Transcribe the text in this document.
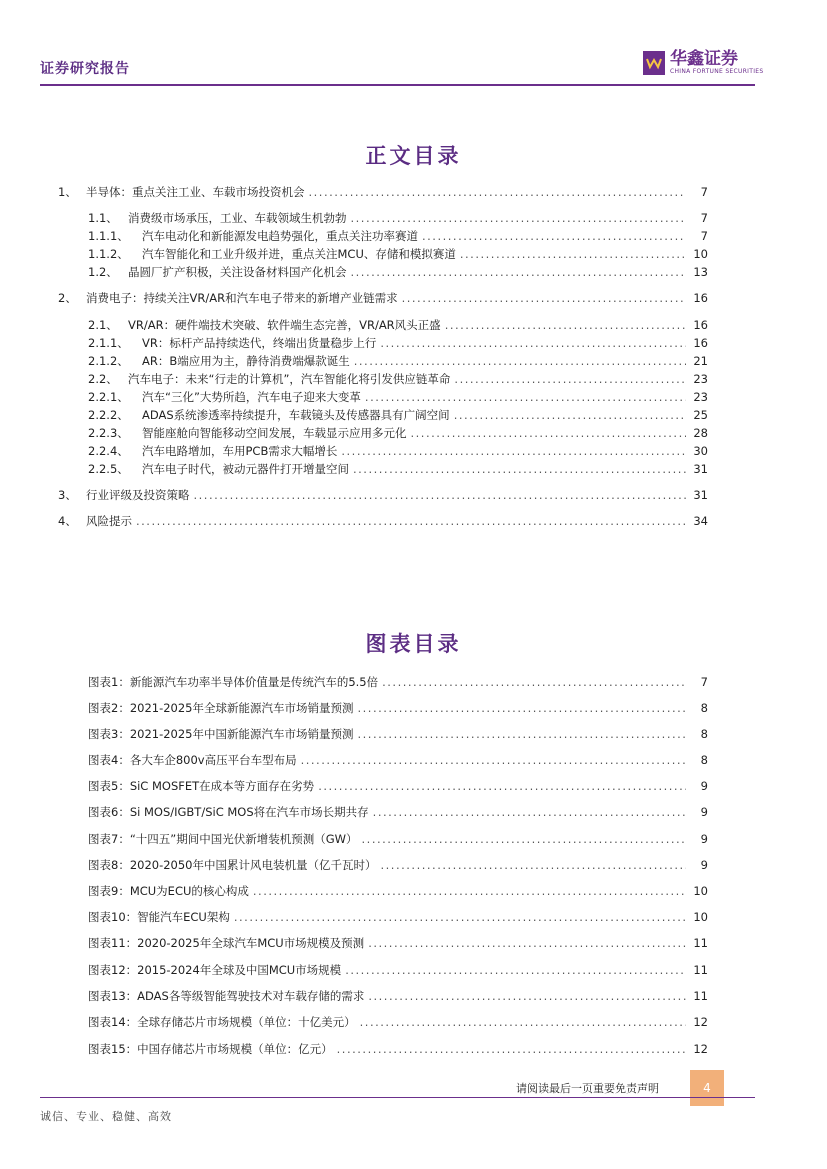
证券研究报告	华鑫证券
CHINA FORTUNE SECURITIES
正文目录
1、 半导体：重点关注工业、车载市场投资机会 .....	7
1.1、 消费级市场承压，工业、车载领域生机勃勃 .....	7
1.1.1、	汽车电动化和新能源发电趋势强化，重点关注功率赛道 .....	7
1.1.2、	汽车智能化和工业升级并进，重点关注MCU、存储和模拟赛道 .....	10
1.2、 晶圆厂扩产积极，关注设备材料国产化机会 .....	13
2、 消费电子：持续关注VR/AR和汽车电子带来的新增产业链需求 .....	16
2.1、 VR/AR：硬件端技术突破、软件端生态完善，VR/AR风头正盛 .....	16
2.1.1、	VR：标杆产品持续迭代，终端出货量稳步上行 .....	16
2.1.2、	AR：B端应用为主，静待消费端爆款诞生 .....	21
2.2、 汽车电子：未来“行走的计算机”，汽车智能化将引发供应链革命 .....	23
2.2.1、	汽车“三化”大势所趋，汽车电子迎来大变革 .....	23
2.2.2、	ADAS系统渗透率持续提升，车载镜头及传感器具有广阔空间 .....	25
2.2.3、	智能座舱向智能移动空间发展，车载显示应用多元化 .....	28
2.2.4、	汽车电路增加，车用PCB需求大幅增长 .....	30
2.2.5、	汽车电子时代，被动元器件打开增量空间 .....	31
3、 行业评级及投资策略 .....	31
4、 风险提示 .....	34
图表目录
图表1：新能源汽车功率半导体价值量是传统汽车的5.5倍 .....	7
图表2：2021-2025年全球新能源汽车市场销量预测 .....	8
图表3：2021-2025年中国新能源汽车市场销量预测 .....	8
图表4：各大车企800v高压平台车型布局 .....	8
图表5：SiC MOSFET在成本等方面存在劣势 .....	9
图表6：Si MOS/IGBT/SiC MOS将在汽车市场长期共存 .....	9
图表7：“十四五”期间中国光伏新增装机预测（GW） .....	9
图表8：2020-2050年中国累计风电装机量（亿千瓦时） .....	9
图表9：MCU为ECU的核心构成 .....	10
图表10：智能汽车ECU架构 .....	10
图表11：2020-2025年全球汽车MCU市场规模及预测 .....	11
图表12：2015-2024年全球及中国MCU市场规模 .....	11
图表13：ADAS各等级智能驾驶技术对车载存储的需求 .....	11
图表14：全球存储芯片市场规模（单位：十亿美元） .....	12
图表15：中国存储芯片市场规模（单位：亿元） .....	12
请阅读最后一页重要免责声明	4
诚信、专业、稳健、高效
